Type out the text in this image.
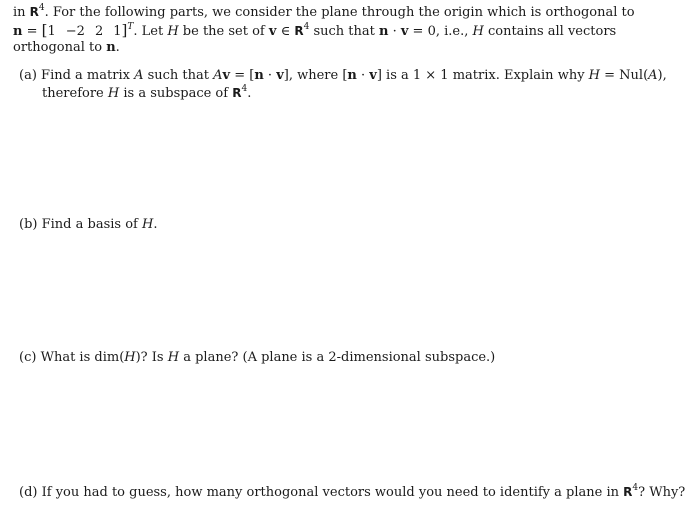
in $R^4$. For the following parts, we consider the plane through the origin which is orthogonal to
n = [1 −2 2 1]$^T$. Let H be the set of v ∈ $R^4$ such that n · v = 0, i.e., H contains all vectors
orthogonal to n.
(a) Find a matrix A such that Av = [n · v], where [n · v] is a 1 × 1 matrix. Explain why H = Nul(A),
therefore H is a subspace of $R^4$.
(b) Find a basis of H.
(c) What is dim(H)? Is H a plane? (A plane is a 2-dimensional subspace.)
(d) If you had to guess, how many orthogonal vectors would you need to identify a plane in $R^4$? Why?
